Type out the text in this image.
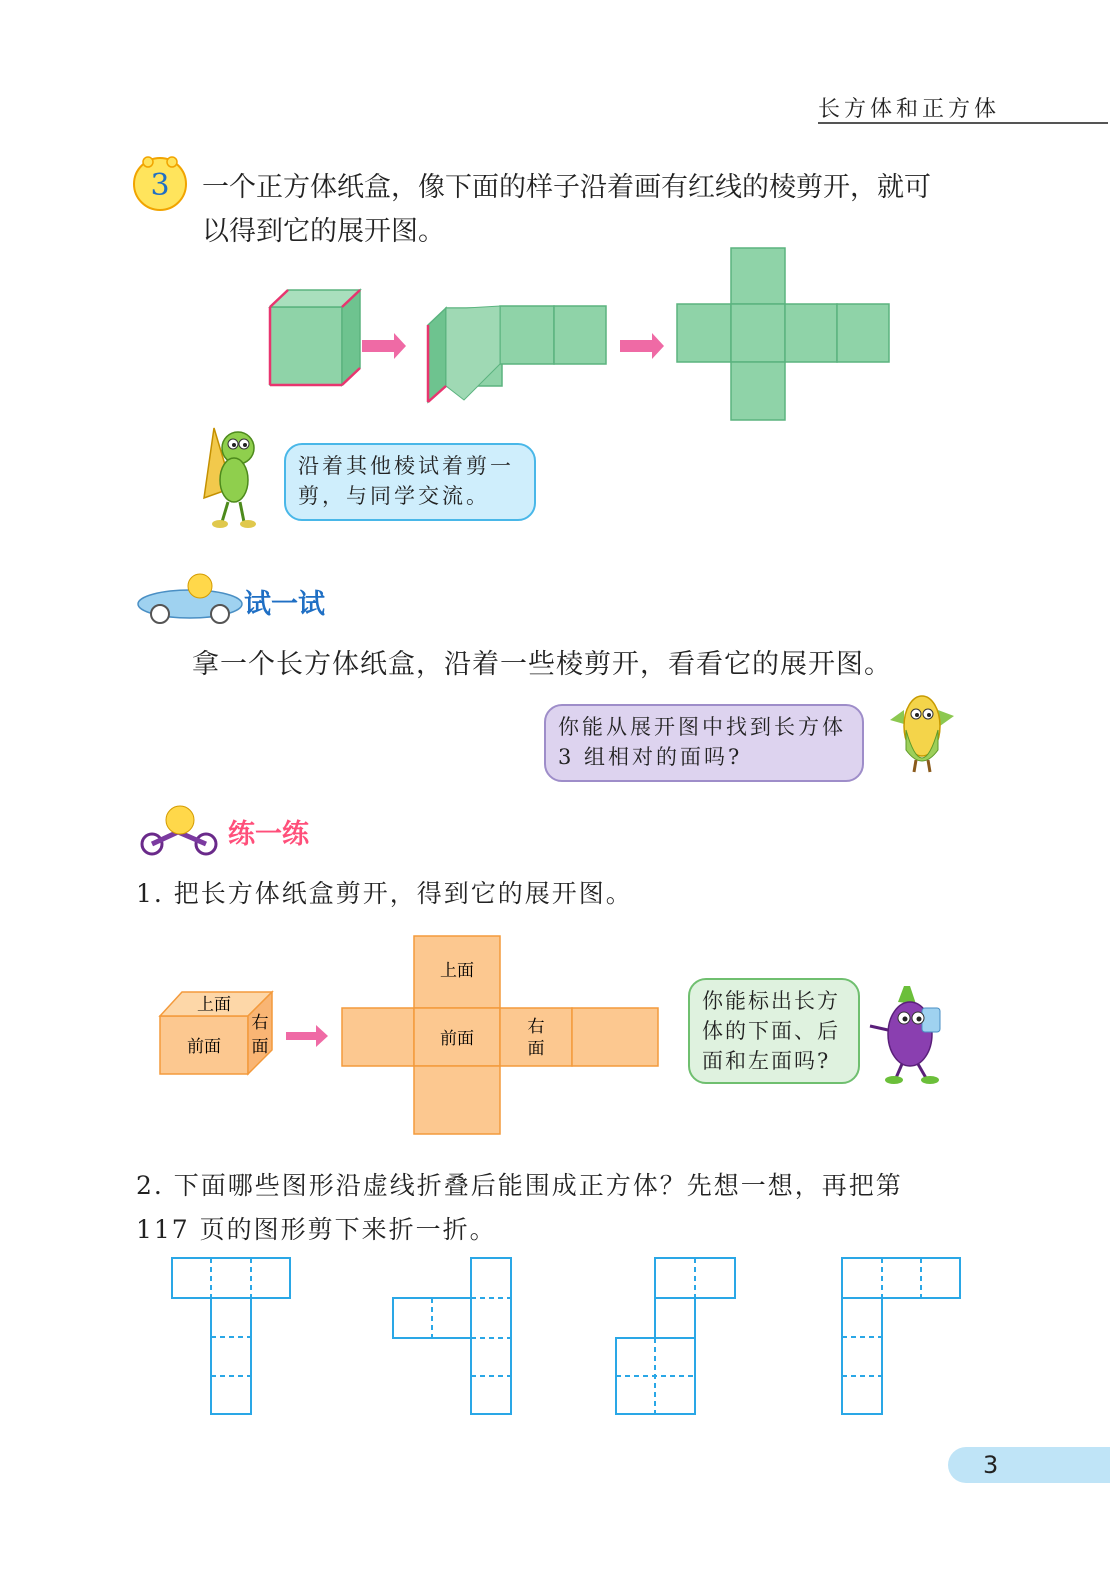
长方体和正方体
3 一个正方体纸盒，像下面的样子沿着画有红线的棱剪开，就可
以得到它的展开图。
沿着其他棱试着剪一
剪，与同学交流。
试一试
拿一个长方体纸盒，沿着一些棱剪开，看看它的展开图。
你能从展开图中找到长方体
3 组相对的面吗?
练一练
1. 把长方体纸盒剪开，得到它的展开图。
上面
前面
右
面
上面
前面
右
面
你能标出长方
体的下面、后
面和左面吗?
2. 下面哪些图形沿虚线折叠后能围成正方体？先想一想，再把第
117 页的图形剪下来折一折。
3
